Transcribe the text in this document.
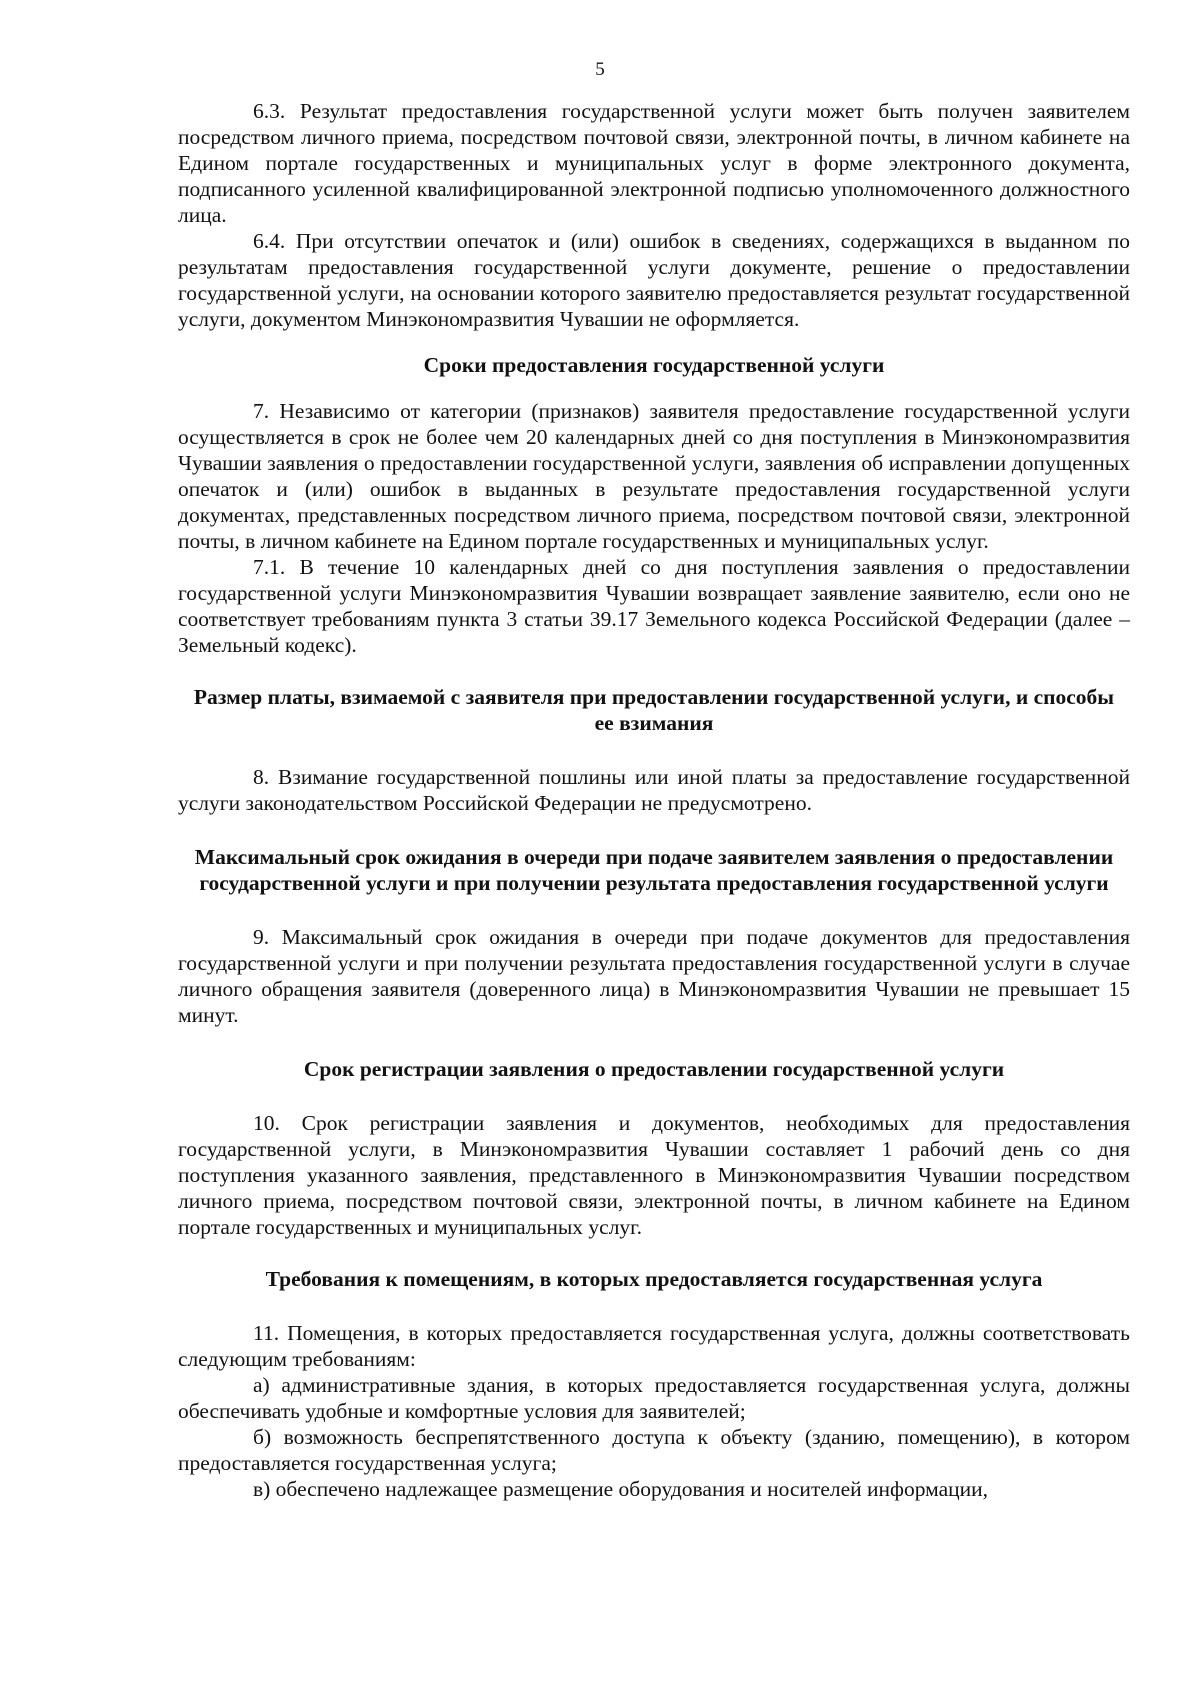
5

6.3. Результат предоставления государственной услуги может быть получен заявителем посредством личного приема, посредством почтовой связи, электронной почты, в личном кабинете на Едином портале государственных и муниципальных услуг в форме электронного документа, подписанного усиленной квалифицированной электронной подписью уполномоченного должностного лица.

6.4. При отсутствии опечаток и (или) ошибок в сведениях, содержащихся в выданном по результатам предоставления государственной услуги документе, решение о предоставлении государственной услуги, на основании которого заявителю предоставляется результат государственной услуги, документом Минэкономразвития Чувашии не оформляется.

Сроки предоставления государственной услуги

7. Независимо от категории (признаков) заявителя предоставление государственной услуги осуществляется в срок не более чем 20 календарных дней со дня поступления в Минэкономразвития Чувашии заявления о предоставлении государственной услуги, заявления об исправлении допущенных опечаток и (или) ошибок в выданных в результате предоставления государственной услуги документах, представленных посредством личного приема, посредством почтовой связи, электронной почты, в личном кабинете на Едином портале государственных и муниципальных услуг.

7.1. В течение 10 календарных дней со дня поступления заявления о предоставлении государственной услуги Минэкономразвития Чувашии возвращает заявление заявителю, если оно не соответствует требованиям пункта 3 статьи 39.17 Земельного кодекса Российской Федерации (далее – Земельный кодекс).

Размер платы, взимаемой с заявителя при предоставлении государственной услуги, и способы ее взимания

8. Взимание государственной пошлины или иной платы за предоставление государственной услуги законодательством Российской Федерации не предусмотрено.

Максимальный срок ожидания в очереди при подаче заявителем заявления о предоставлении государственной услуги и при получении результата предоставления государственной услуги

9. Максимальный срок ожидания в очереди при подаче документов для предоставления государственной услуги и при получении результата предоставления государственной услуги в случае личного обращения заявителя (доверенного лица) в Минэкономразвития Чувашии не превышает 15 минут.

Срок регистрации заявления о предоставлении государственной услуги

10. Срок регистрации заявления и документов, необходимых для предоставления государственной услуги, в Минэкономразвития Чувашии составляет 1 рабочий день со дня поступления указанного заявления, представленного в Минэкономразвития Чувашии посредством личного приема, посредством почтовой связи, электронной почты, в личном кабинете на Едином портале государственных и муниципальных услуг.

Требования к помещениям, в которых предоставляется государственная услуга

11. Помещения, в которых предоставляется государственная услуга, должны соответствовать следующим требованиям:

а) административные здания, в которых предоставляется государственная услуга, должны обеспечивать удобные и комфортные условия для заявителей;

б) возможность беспрепятственного доступа к объекту (зданию, помещению), в котором предоставляется государственная услуга;

в) обеспечено надлежащее размещение оборудования и носителей информации,
